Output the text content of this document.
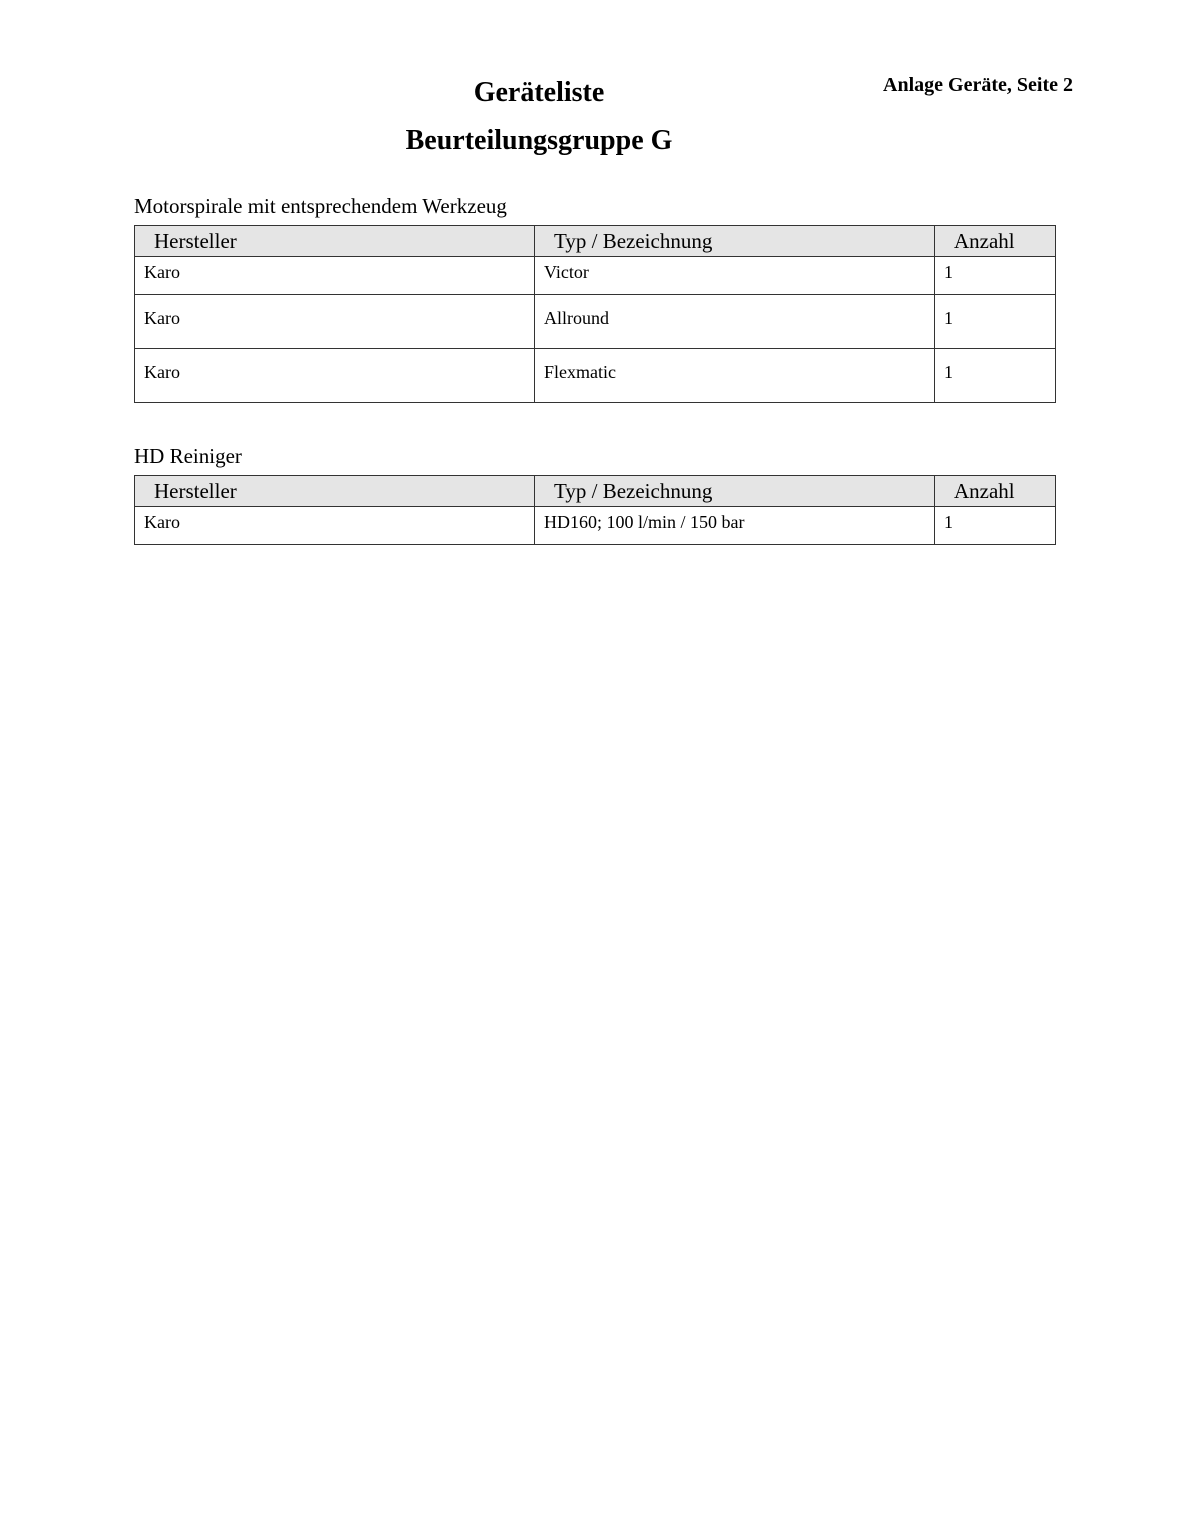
Anlage Geräte, Seite 2
Geräteliste
Beurteilungsgruppe G
Motorspirale mit entsprechendem Werkzeug
Hersteller	Typ / Bezeichnung	Anzahl
Karo	Victor	1
Karo	Allround	1
Karo	Flexmatic	1
HD Reiniger
Hersteller	Typ / Bezeichnung	Anzahl
Karo	HD160; 100 l/min / 150 bar	1
